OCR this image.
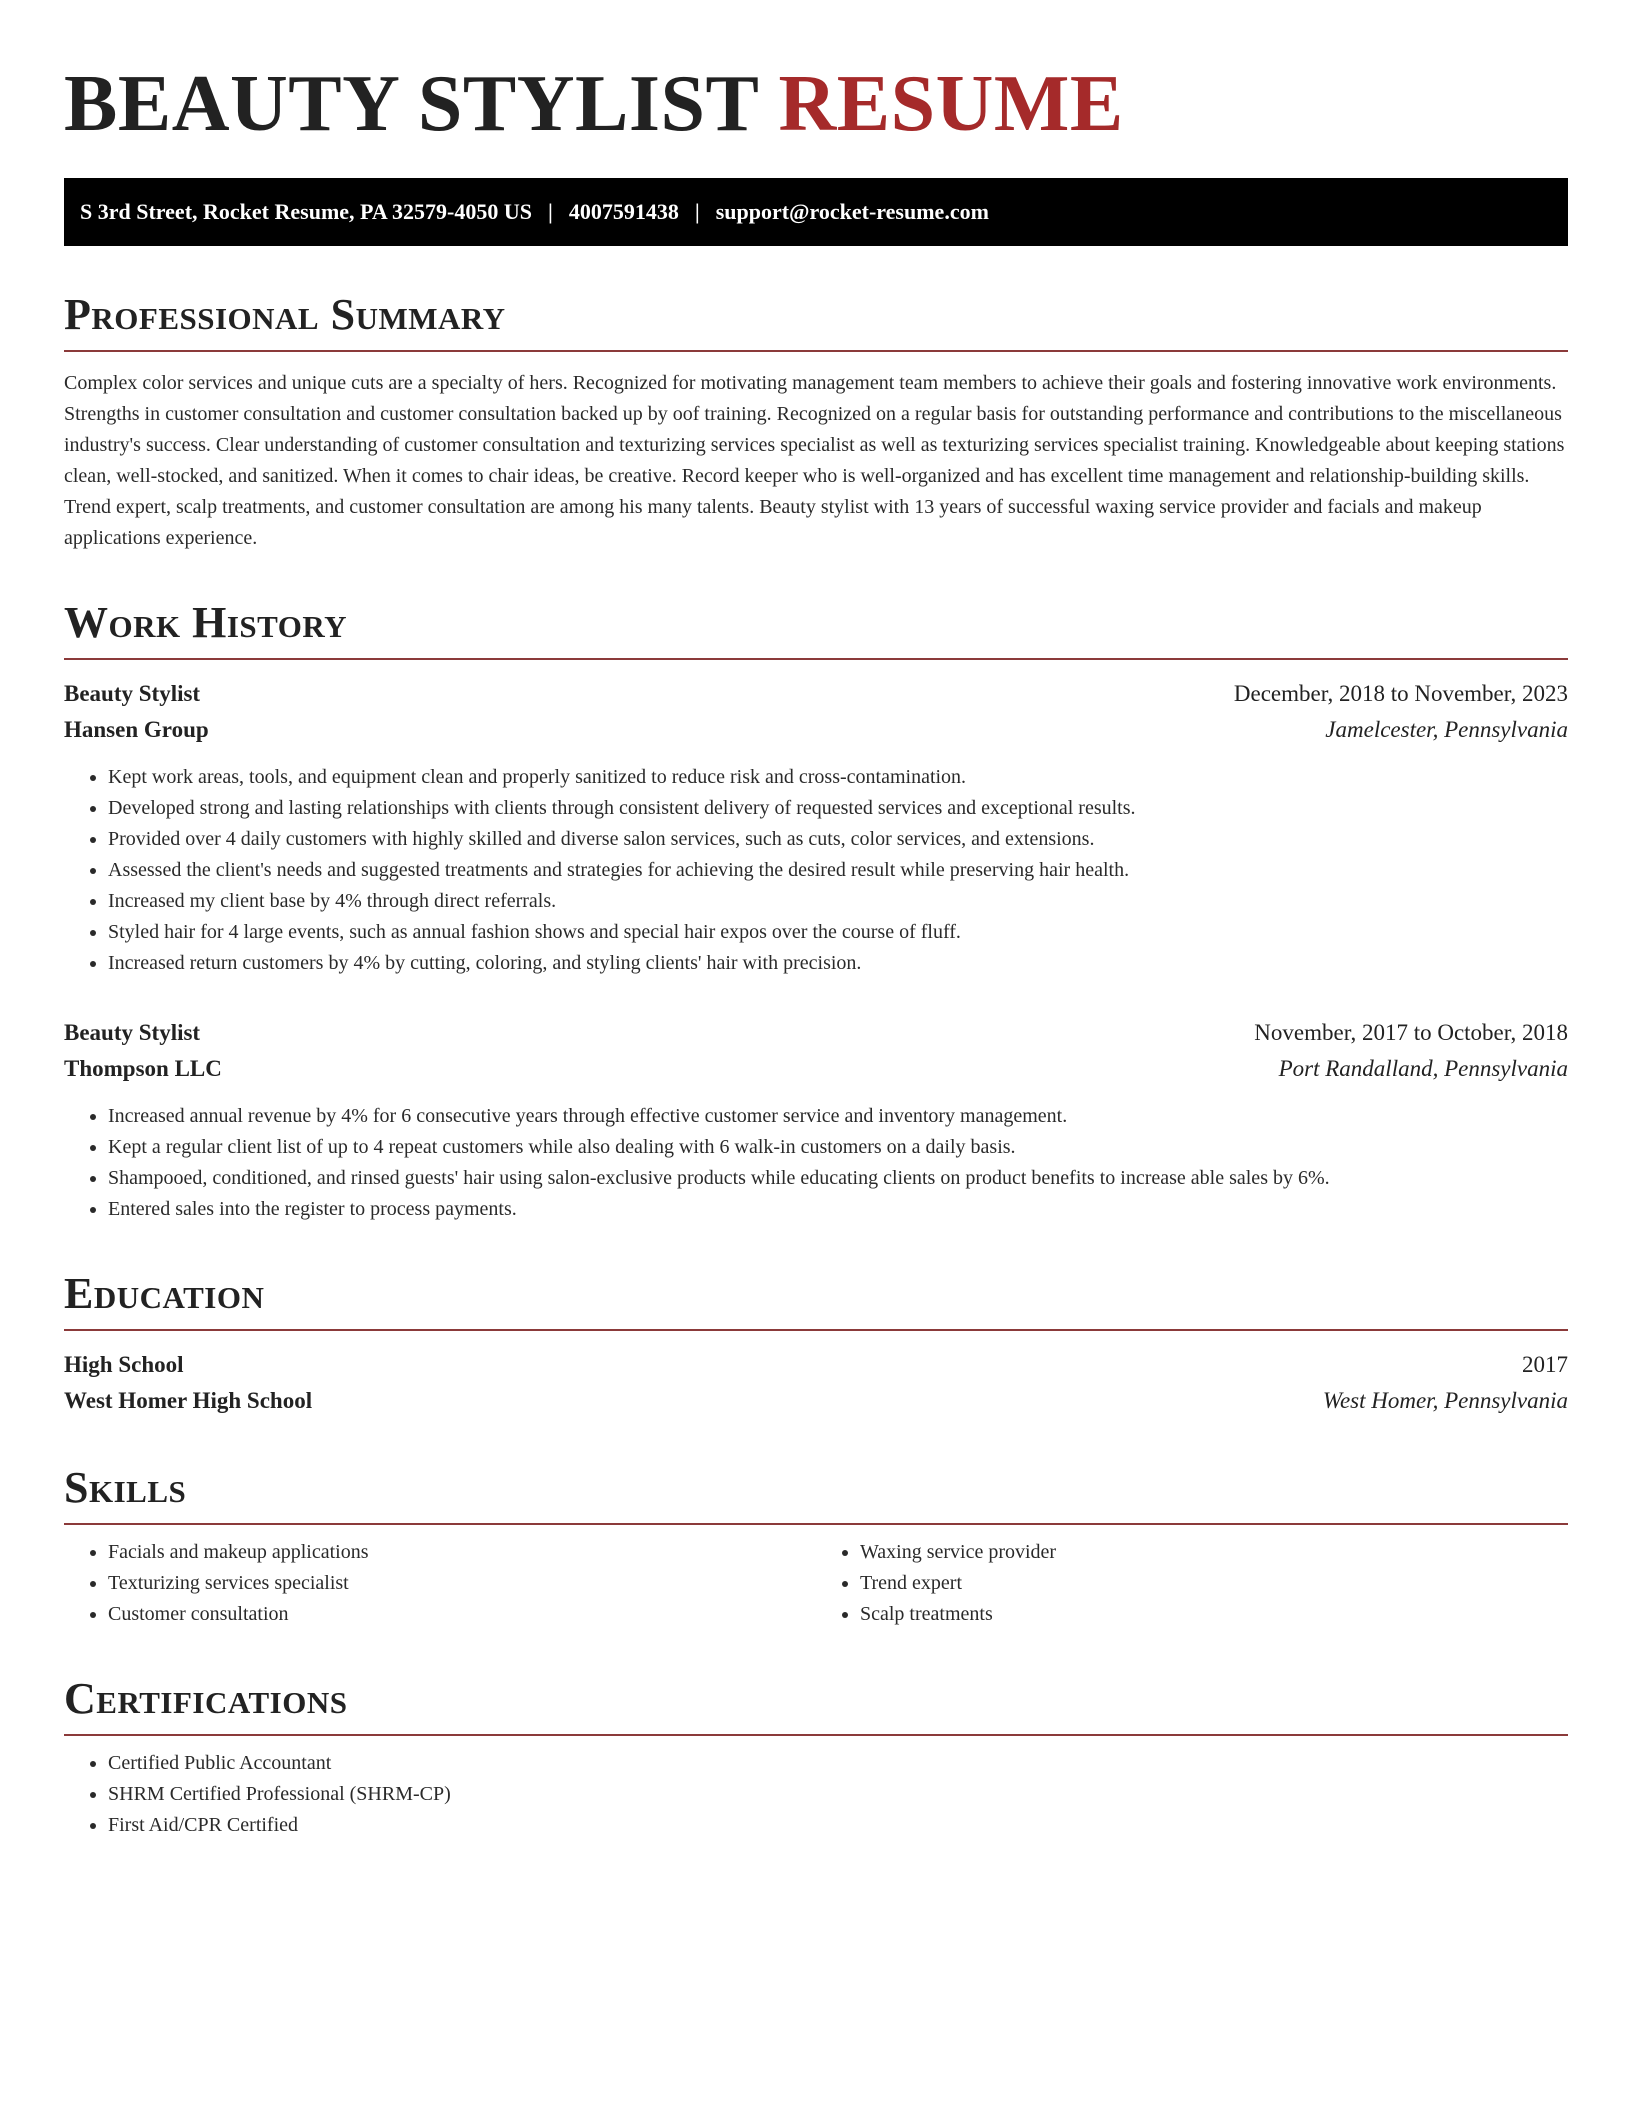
BEAUTY STYLIST RESUME
S 3rd Street, Rocket Resume, PA 32579-4050 US | 4007591438 | support@rocket-resume.com
Professional Summary

Complex color services and unique cuts are a specialty of hers. Recognized for motivating management team members to achieve their goals and fostering innovative work environments. Strengths in customer consultation and customer consultation backed up by oof training. Recognized on a regular basis for outstanding performance and contributions to the miscellaneous industry's success. Clear understanding of customer consultation and texturizing services specialist as well as texturizing services specialist training. Knowledgeable about keeping stations clean, well-stocked, and sanitized. When it comes to chair ideas, be creative. Record keeper who is well-organized and has excellent time management and relationship-building skills. Trend expert, scalp treatments, and customer consultation are among his many talents. Beauty stylist with 13 years of successful waxing service provider and facials and makeup applications experience.

Work History
Beauty Stylist	December, 2018 to November, 2023
Hansen Group	Jamelcester, Pennsylvania
• Kept work areas, tools, and equipment clean and properly sanitized to reduce risk and cross-contamination.
• Developed strong and lasting relationships with clients through consistent delivery of requested services and exceptional results.
• Provided over 4 daily customers with highly skilled and diverse salon services, such as cuts, color services, and extensions.
• Assessed the client's needs and suggested treatments and strategies for achieving the desired result while preserving hair health.
• Increased my client base by 4% through direct referrals.
• Styled hair for 4 large events, such as annual fashion shows and special hair expos over the course of fluff.
• Increased return customers by 4% by cutting, coloring, and styling clients' hair with precision.
Beauty Stylist	November, 2017 to October, 2018
Thompson LLC	Port Randalland, Pennsylvania
• Increased annual revenue by 4% for 6 consecutive years through effective customer service and inventory management.
• Kept a regular client list of up to 4 repeat customers while also dealing with 6 walk-in customers on a daily basis.
• Shampooed, conditioned, and rinsed guests' hair using salon-exclusive products while educating clients on product benefits to increase able sales by 6%.
• Entered sales into the register to process payments.
Education
High School	2017
West Homer High School	West Homer, Pennsylvania
Skills
• Facials and makeup applications
• Texturizing services specialist
• Customer consultation
• Waxing service provider
• Trend expert
• Scalp treatments
Certifications
• Certified Public Accountant
• SHRM Certified Professional (SHRM-CP)
• First Aid/CPR Certified
